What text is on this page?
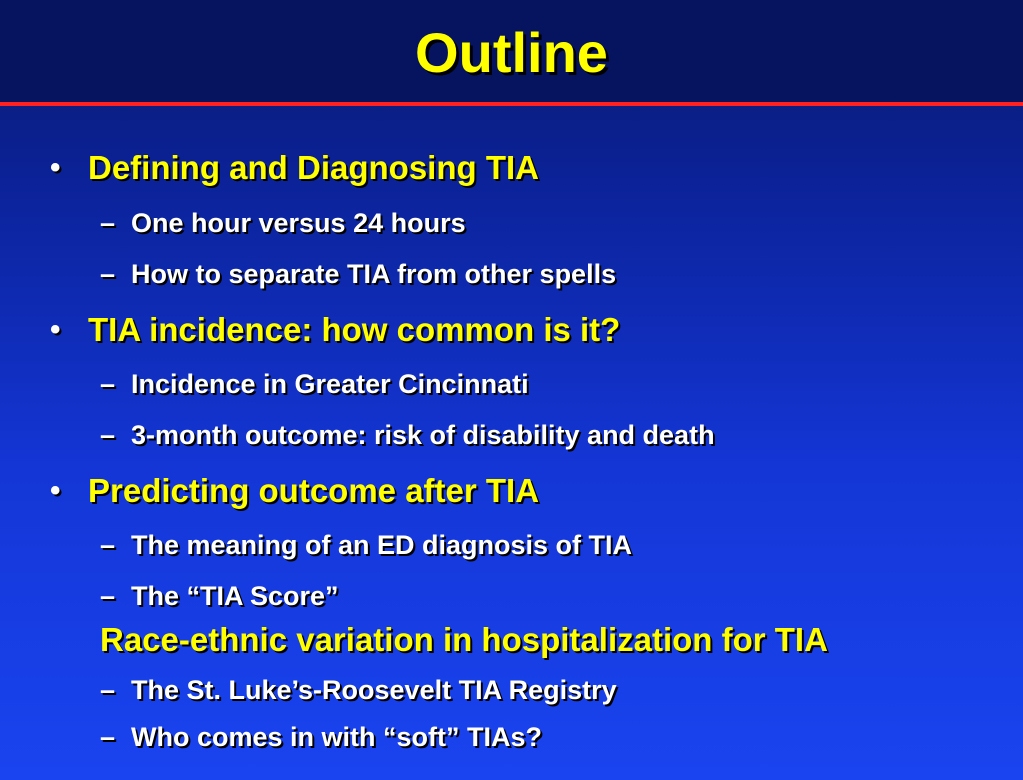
Outline
• Defining and Diagnosing TIA
– One hour versus 24 hours
– How to separate TIA from other spells
• TIA incidence: how common is it?
– Incidence in Greater Cincinnati
– 3-month outcome: risk of disability and death
• Predicting outcome after TIA
– The meaning of an ED diagnosis of TIA
– The “TIA Score”
Race-ethnic variation in hospitalization for TIA
– The St. Luke’s-Roosevelt TIA Registry
– Who comes in with “soft” TIAs?
